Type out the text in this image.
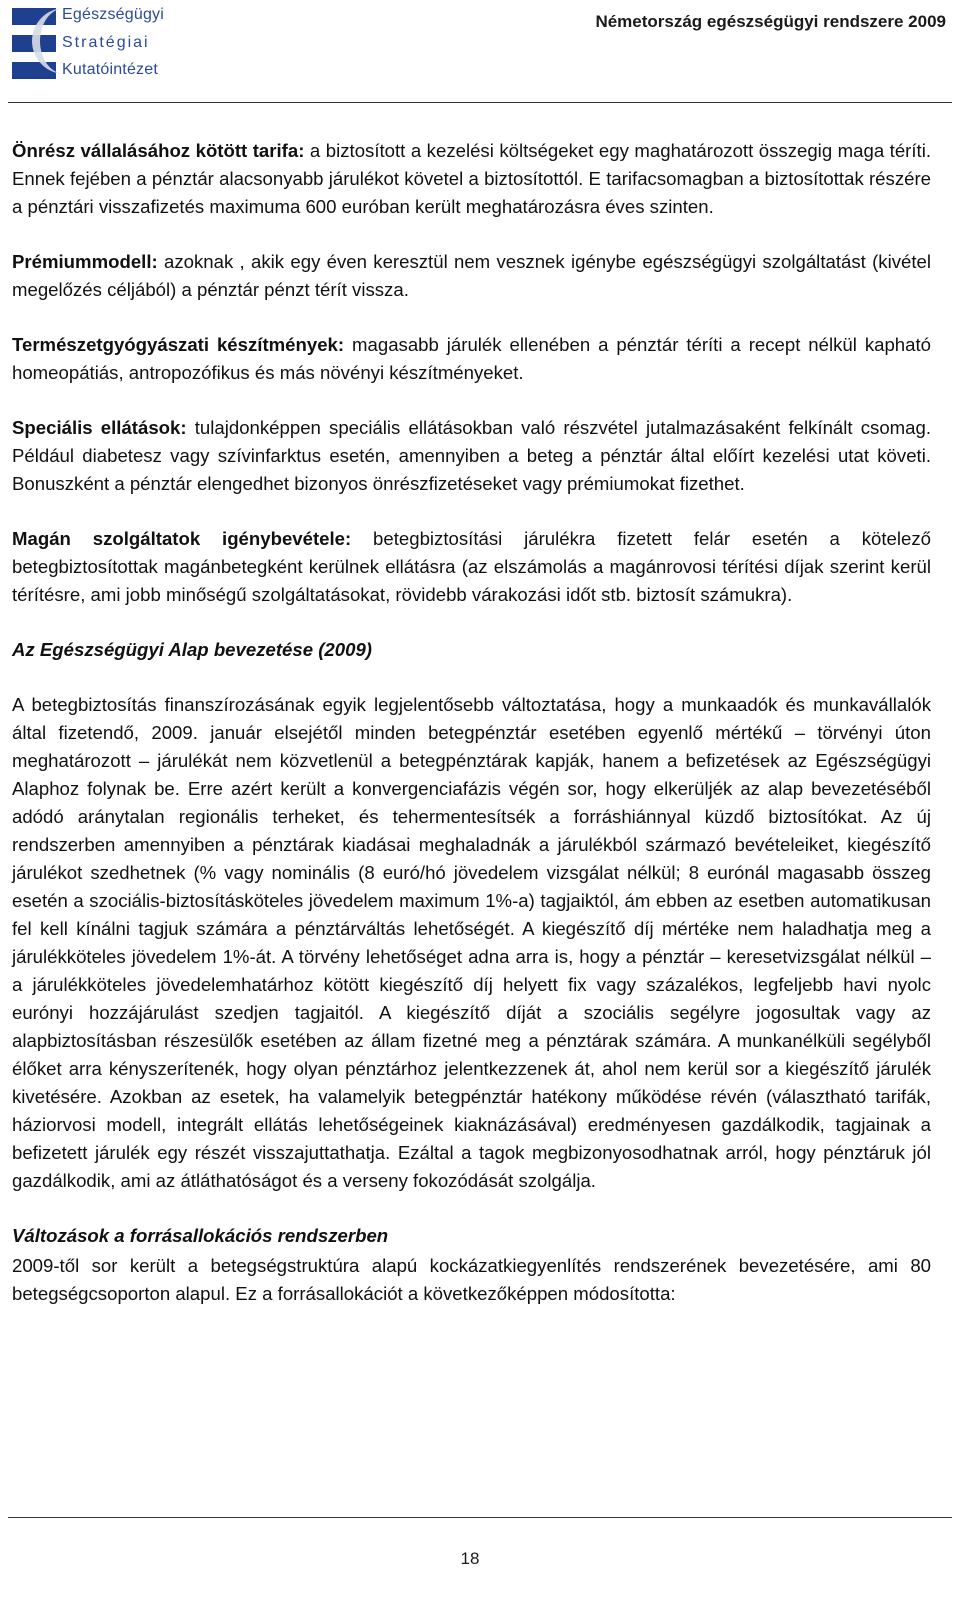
Egészségügyi
Stratégiai
Kutatóintézet
Németország egészségügyi rendszere 2009

Önrész vállalásához kötött tarifa: a biztosított a kezelési költségeket egy maghatározott összegig maga téríti. Ennek fejében a pénztár alacsonyabb járulékot követel a biztosítottól. E tarifacsomagban a biztosítottak részére a pénztári visszafizetés maximuma 600 euróban került meghatározásra éves szinten.

Prémiummodell: azoknak , akik egy éven keresztül nem vesznek igénybe egészségügyi szolgáltatást (kivétel megelőzés céljából) a pénztár pénzt térít vissza.

Természetgyógyászati készítmények: magasabb járulék ellenében a pénztár téríti a recept nélkül kapható homeopátiás, antropozófikus és más növényi készítményeket.

Speciális ellátások: tulajdonképpen speciális ellátásokban való részvétel jutalmazásaként felkínált csomag. Például diabetesz vagy szívinfarktus esetén, amennyiben a beteg a pénztár által előírt kezelési utat követi. Bonuszként a pénztár elengedhet bizonyos önrészfizetéseket vagy prémiumokat fizethet.

Magán szolgáltatok igénybevétele: betegbiztosítási járulékra fizetett felár esetén a kötelező betegbiztosítottak magánbetegként kerülnek ellátásra (az elszámolás a magánrovosi térítési díjak szerint kerül térítésre, ami jobb minőségű szolgáltatásokat, rövidebb várakozási időt stb. biztosít számukra).

Az Egészségügyi Alap bevezetése (2009)

A betegbiztosítás finanszírozásának egyik legjelentősebb változtatása, hogy a munkaadók és munkavállalók által fizetendő, 2009. január elsejétől minden betegpénztár esetében egyenlő mértékű – törvényi úton meghatározott – járulékát nem közvetlenül a betegpénztárak kapják, hanem a befizetések az Egészségügyi Alaphoz folynak be. Erre azért került a konvergenciafázis végén sor, hogy elkerüljék az alap bevezetéséből adódó aránytalan regionális terheket, és tehermentesítsék a forráshiánnyal küzdő biztosítókat. Az új rendszerben amennyiben a pénztárak kiadásai meghaladnák a járulékból származó bevételeiket, kiegészítő járulékot szedhetnek (% vagy nominális (8 euró/hó jövedelem vizsgálat nélkül; 8 eurónál magasabb összeg esetén a szociális-biztosításköteles jövedelem maximum 1%-a) tagjaiktól, ám ebben az esetben automatikusan fel kell kínálni tagjuk számára a pénztárváltás lehetőségét. A kiegészítő díj mértéke nem haladhatja meg a járulékköteles jövedelem 1%-át. A törvény lehetőséget adna arra is, hogy a pénztár – keresetvizsgálat nélkül – a járulékköteles jövedelemhatárhoz kötött kiegészítő díj helyett fix vagy százalékos, legfeljebb havi nyolc eurónyi hozzájárulást szedjen tagjaitól. A kiegészítő díját a szociális segélyre jogosultak vagy az alapbiztosításban részesülők esetében az állam fizetné meg a pénztárak számára. A munkanélküli segélyből élőket arra kényszerítenék, hogy olyan pénztárhoz jelentkezzenek át, ahol nem kerül sor a kiegészítő járulék kivetésére. Azokban az esetek, ha valamelyik betegpénztár hatékony működése révén (választható tarifák, háziorvosi modell, integrált ellátás lehetőségeinek kiaknázásával) eredményesen gazdálkodik, tagjainak a befizetett járulék egy részét visszajuttathatja. Ezáltal a tagok megbizonyosodhatnak arról, hogy pénztáruk jól gazdálkodik, ami az átláthatóságot és a verseny fokozódását szolgálja.

Változások a forrásallokációs rendszerben

2009-től sor került a betegségstruktúra alapú kockázatkiegyenlítés rendszerének bevezetésére, ami 80 betegségcsoporton alapul. Ez a forrásallokációt a következőképpen módosította:

18
